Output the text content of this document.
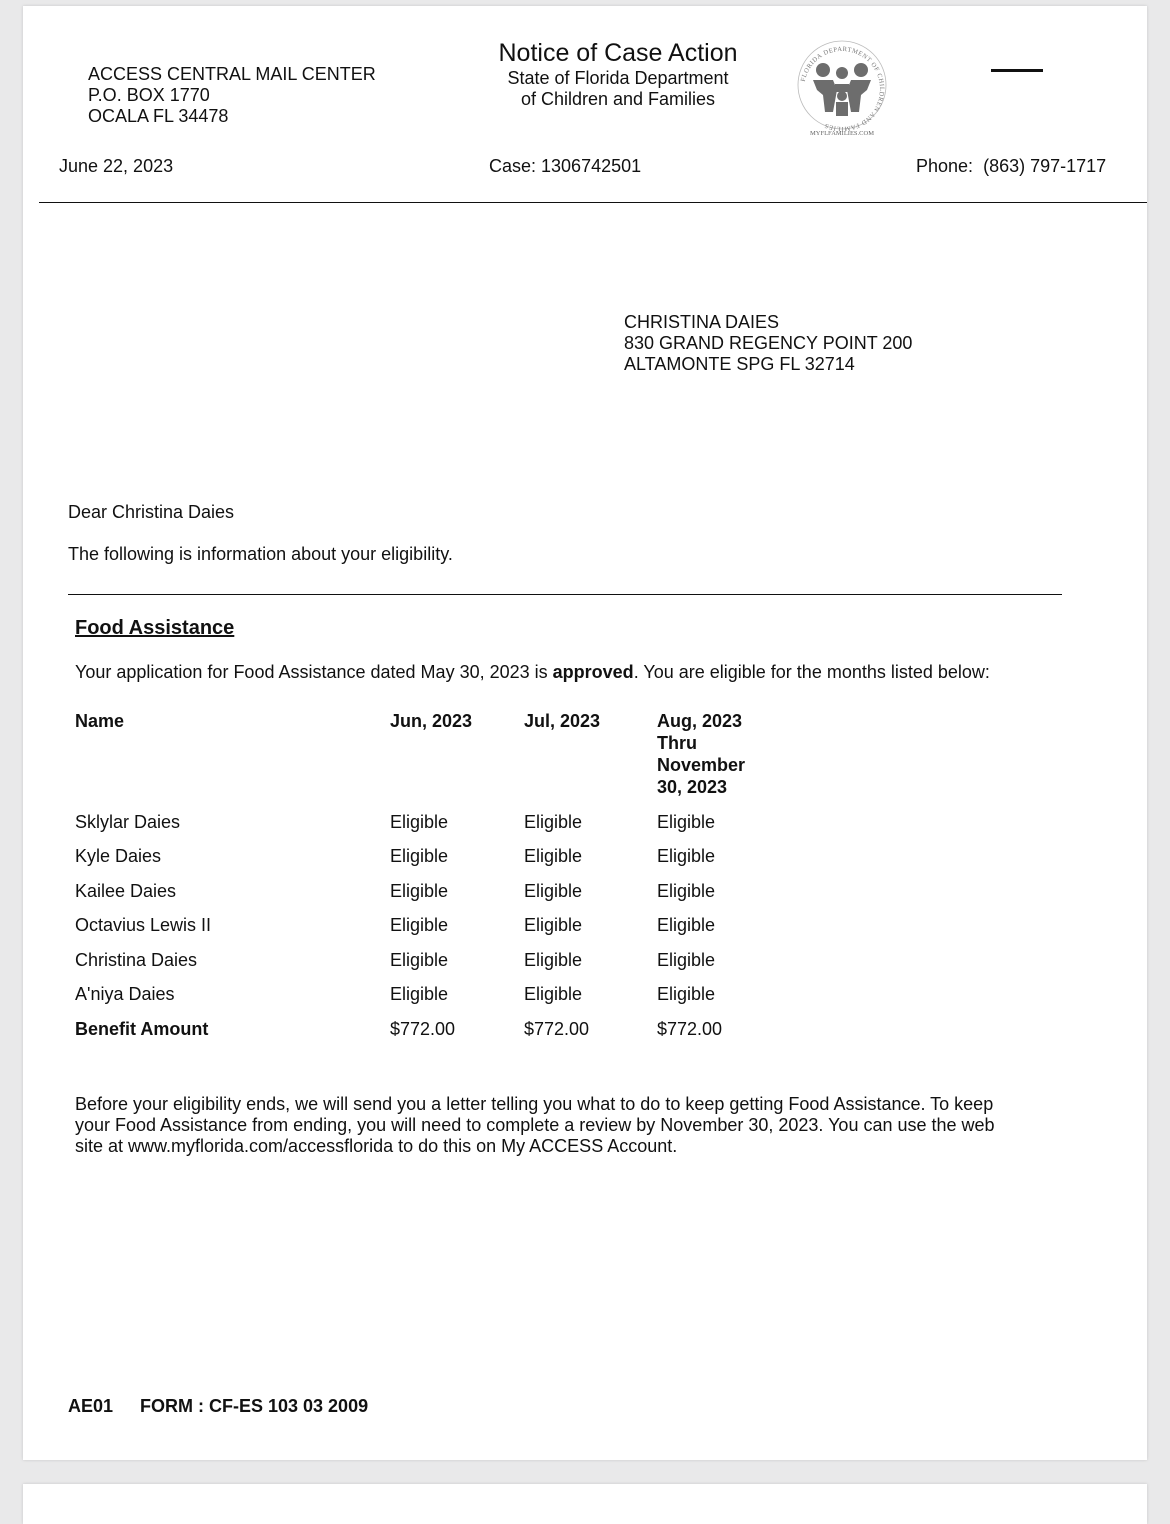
ACCESS CENTRAL MAIL CENTER
P.O. BOX 1770
OCALA FL 34478
Notice of Case Action
State of Florida Department
of Children and Families
FLORIDA DEPARTMENT OF CHILDREN AND FAMILIES
MYFLFAMILIES.COM
June 22, 2023	Case: 1306742501	Phone: (863) 797-1717
CHRISTINA DAIES
830 GRAND REGENCY POINT 200
ALTAMONTE SPG FL 32714
Dear Christina Daies
The following is information about your eligibility.
Food Assistance
Your application for Food Assistance dated May 30, 2023 is approved. You are eligible for the months listed below:
Name	Jun, 2023	Jul, 2023	Aug, 2023
Thru
November
30, 2023
Sklylar Daies	Eligible	Eligible	Eligible
Kyle Daies	Eligible	Eligible	Eligible
Kailee Daies	Eligible	Eligible	Eligible
Octavius Lewis II	Eligible	Eligible	Eligible
Christina Daies	Eligible	Eligible	Eligible
A'niya Daies	Eligible	Eligible	Eligible
Benefit Amount	$772.00	$772.00	$772.00
Before your eligibility ends, we will send you a letter telling you what to do to keep getting Food Assistance. To keep
your Food Assistance from ending, you will need to complete a review by November 30, 2023. You can use the web
site at www.myflorida.com/accessflorida to do this on My ACCESS Account.
AE01 FORM : CF-ES 103 03 2009
